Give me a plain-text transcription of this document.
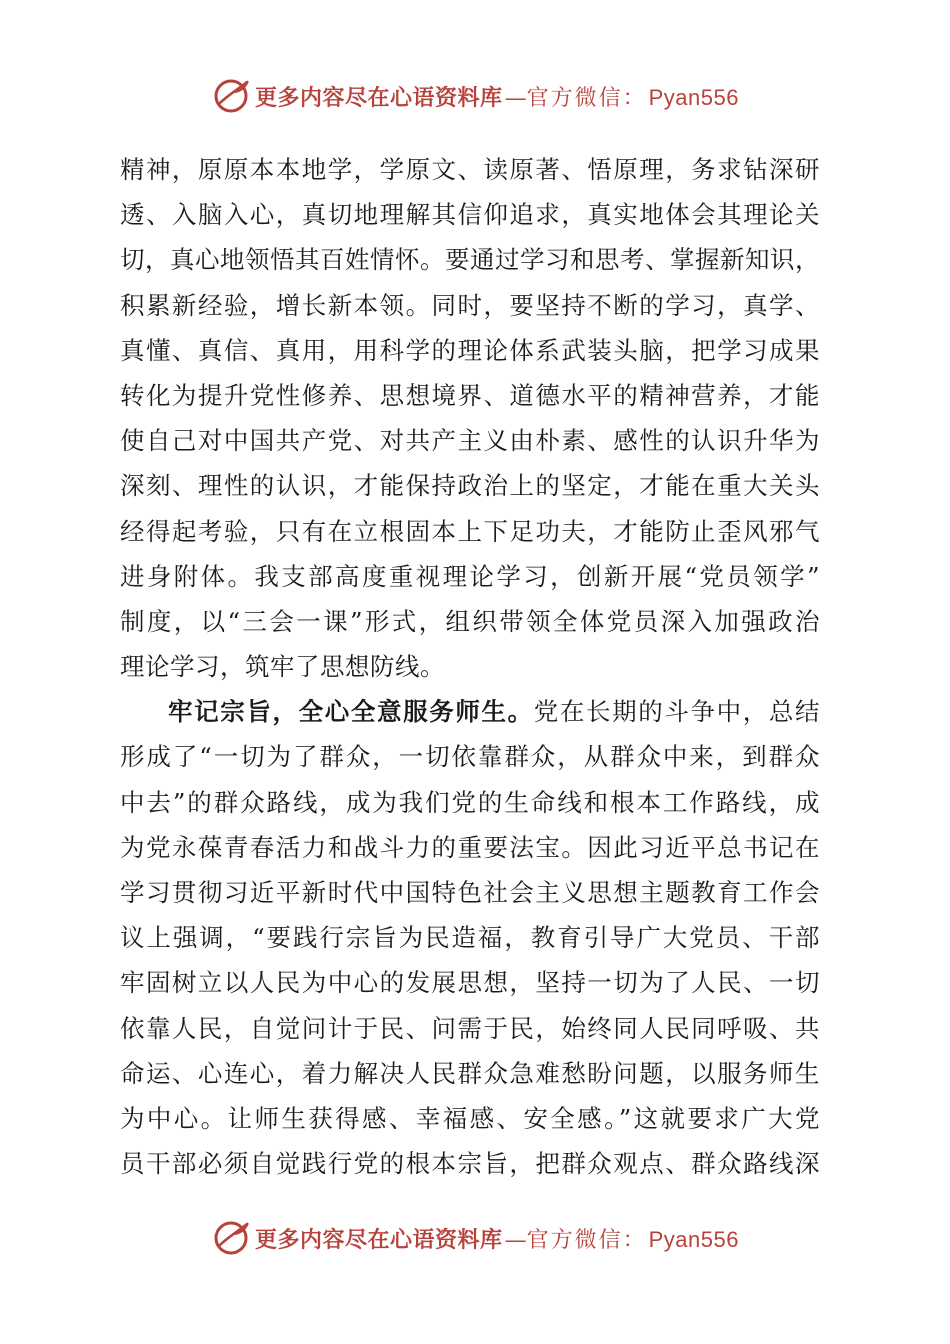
更多内容尽在心语资料库—官方微信：Pyan556
精神，原原本本地学，学原文、读原著、悟原理，务求钻深研
透、入脑入心，真切地理解其信仰追求，真实地体会其理论关
切，真心地领悟其百姓情怀。要通过学习和思考、掌握新知识，
积累新经验，增长新本领。同时，要坚持不断的学习，真学、
真懂、真信、真用，用科学的理论体系武装头脑，把学习成果
转化为提升党性修养、思想境界、道德水平的精神营养，才能
使自己对中国共产党、对共产主义由朴素、感性的认识升华为
深刻、理性的认识，才能保持政治上的坚定，才能在重大关头
经得起考验，只有在立根固本上下足功夫，才能防止歪风邪气
进身附体。我支部高度重视理论学习，创新开展“党员领学”
制度，以“三会一课”形式，组织带领全体党员深入加强政治
理论学习，筑牢了思想防线。
牢记宗旨，全心全意服务师生。党在长期的斗争中，总结
形成了“一切为了群众，一切依靠群众，从群众中来，到群众
中去”的群众路线，成为我们党的生命线和根本工作路线，成
为党永葆青春活力和战斗力的重要法宝。因此习近平总书记在
学习贯彻习近平新时代中国特色社会主义思想主题教育工作会
议上强调，“要践行宗旨为民造福，教育引导广大党员、干部
牢固树立以人民为中心的发展思想，坚持一切为了人民、一切
依靠人民，自觉问计于民、问需于民，始终同人民同呼吸、共
命运、心连心，着力解决人民群众急难愁盼问题，以服务师生
为中心。让师生获得感、幸福感、安全感。”这就要求广大党
员干部必须自觉践行党的根本宗旨，把群众观点、群众路线深
更多内容尽在心语资料库—官方微信：Pyan556
